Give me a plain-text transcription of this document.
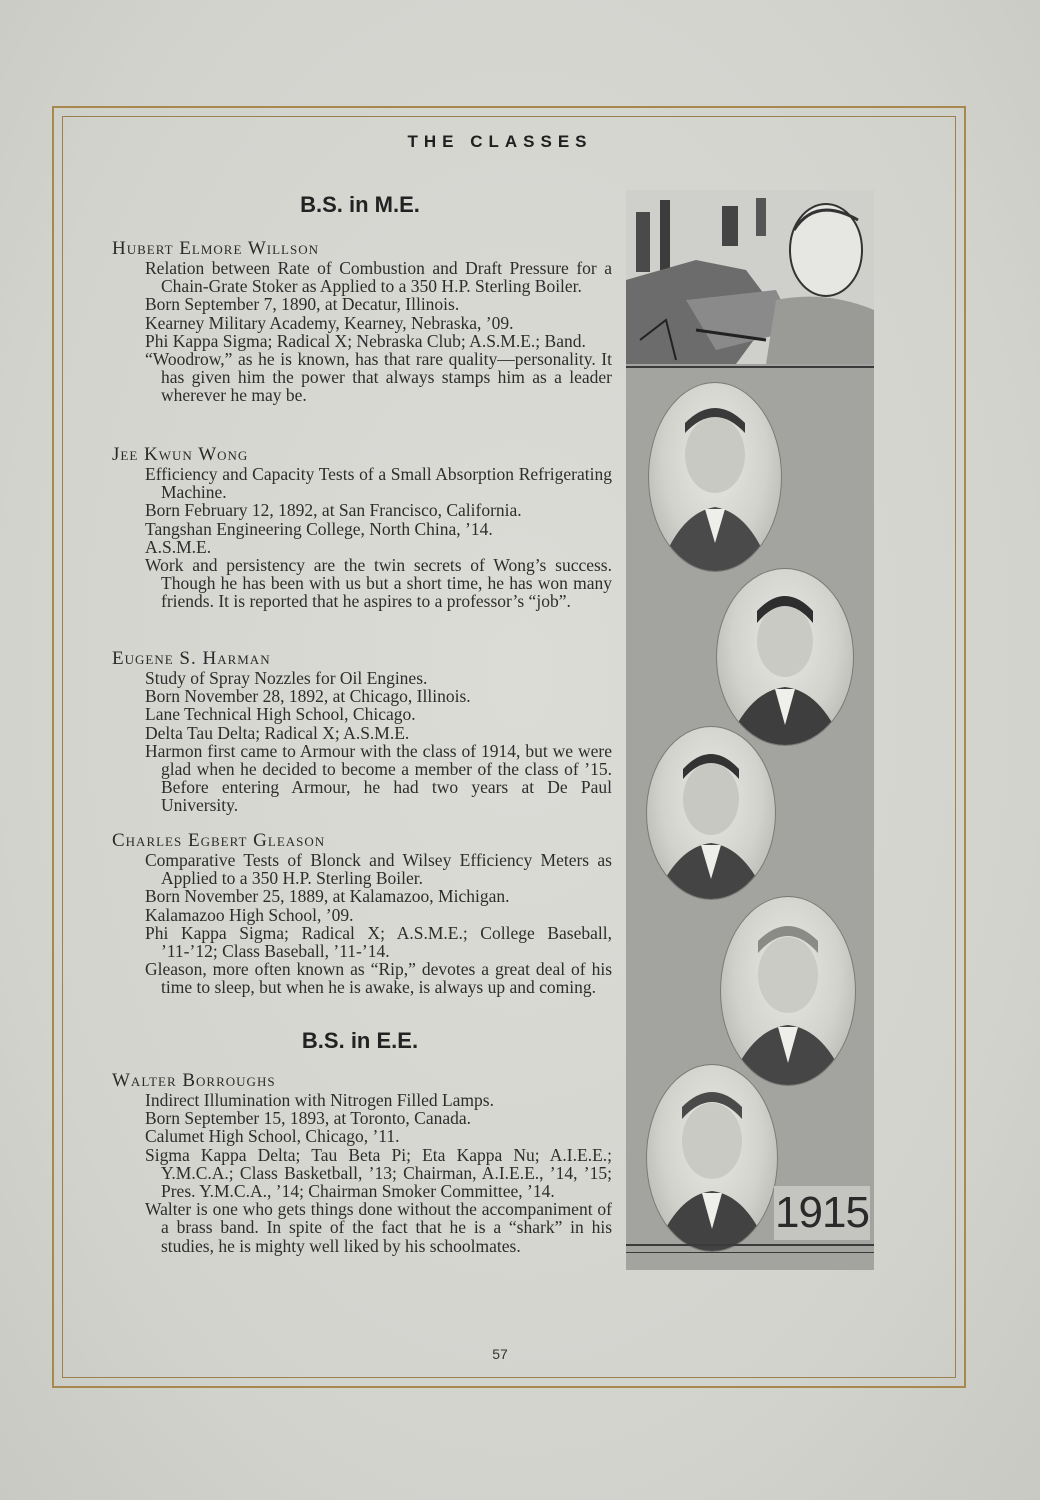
THE CLASSES
B.S. in M.E.
Hubert Elmore Willson
Relation between Rate of Combustion and Draft Pressure for a Chain-Grate Stoker as Applied to a 350 H.P. Sterling Boiler.
Born September 7, 1890, at Decatur, Illinois.
Kearney Military Academy, Kearney, Nebraska, ’09.
Phi Kappa Sigma; Radical X; Nebraska Club; A.S.M.E.; Band.
“Woodrow,” as he is known, has that rare quality—personality. It has given him the power that always stamps him as a leader wherever he may be.
Jee Kwun Wong
Efficiency and Capacity Tests of a Small Absorption Refrigerating Machine.
Born February 12, 1892, at San Francisco, California.
Tangshan Engineering College, North China, ’14.
A.S.M.E.
Work and persistency are the twin secrets of Wong’s success. Though he has been with us but a short time, he has won many friends. It is reported that he aspires to a professor’s “job”.
Eugene S. Harman
Study of Spray Nozzles for Oil Engines.
Born November 28, 1892, at Chicago, Illinois.
Lane Technical High School, Chicago.
Delta Tau Delta; Radical X; A.S.M.E.
Harmon first came to Armour with the class of 1914, but we were glad when he decided to become a member of the class of ’15. Before entering Armour, he had two years at De Paul University.
Charles Egbert Gleason
Comparative Tests of Blonck and Wilsey Efficiency Meters as Applied to a 350 H.P. Sterling Boiler.
Born November 25, 1889, at Kalamazoo, Michigan.
Kalamazoo High School, ’09.
Phi Kappa Sigma; Radical X; A.S.M.E.; College Baseball, ’11-’12; Class Baseball, ’11-’14.
Gleason, more often known as “Rip,” devotes a great deal of his time to sleep, but when he is awake, is always up and coming.
B.S. in E.E.
Walter Borroughs
Indirect Illumination with Nitrogen Filled Lamps.
Born September 15, 1893, at Toronto, Canada.
Calumet High School, Chicago, ’11.
Sigma Kappa Delta; Tau Beta Pi; Eta Kappa Nu; A.I.E.E.; Y.M.C.A.; Class Basketball, ’13; Chairman, A.I.E.E., ’14, ’15; Pres. Y.M.C.A., ’14; Chairman Smoker Committee, ’14.
Walter is one who gets things done without the accompaniment of a brass band. In spite of the fact that he is a “shark” in his studies, he is mighty well liked by his schoolmates.
1915
57
